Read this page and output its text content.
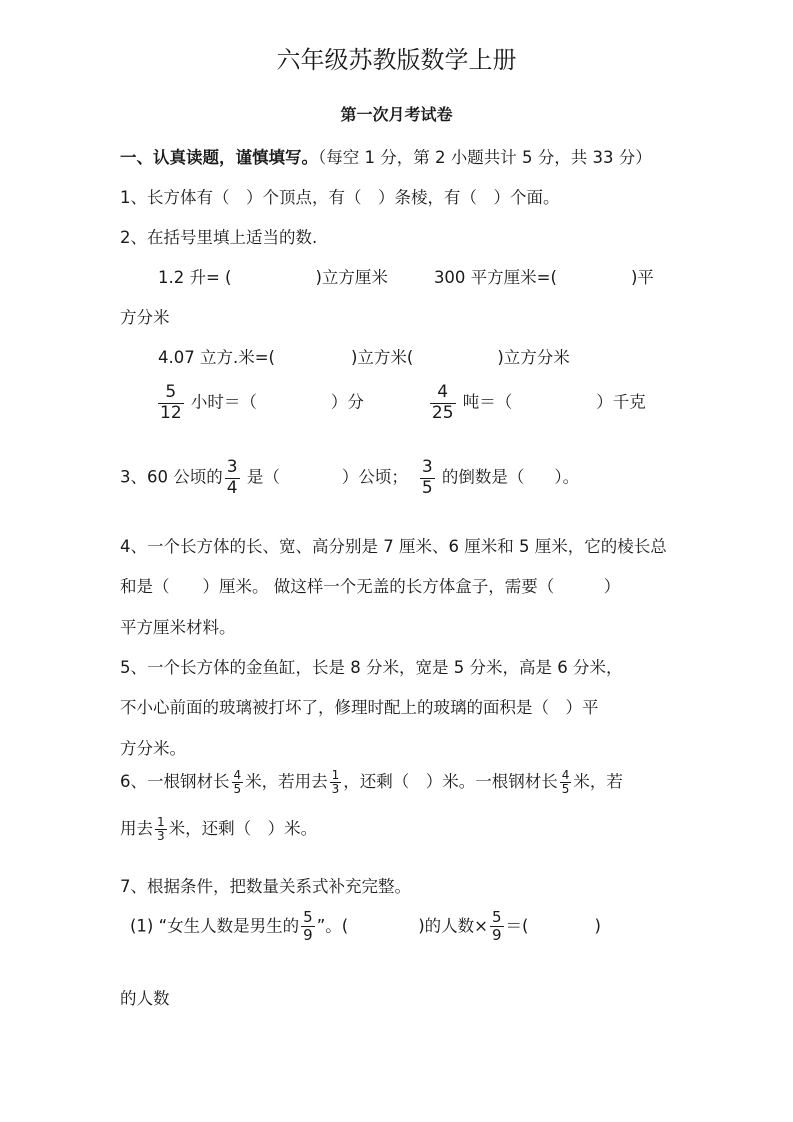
六年级苏教版数学上册
第一次月考试卷
一、认真读题，谨慎填写。（每空 1 分，第 2 小题共计 5 分，共 33 分）
1、长方体有（　）个顶点，有（　）条棱，有（　）个面。
2、在括号里填上适当的数.
1.2 升= (	)立方厘米	300 平方厘米=(	)平
方分米
4.07 立方.米=(	)立方米(	)立方分米
$\frac{5}{12}$ 小时＝（	）分	$\frac{4}{25}$ 吨＝（	）千克
3、60 公顷的 $\frac{3}{4}$ 是（	）公顷； $\frac{3}{5}$ 的倒数是（ ）。
4、一个长方体的长、宽、高分别是 7 厘米、6 厘米和 5 厘米，它的棱长总
和是（　　）厘米。 做这样一个无盖的长方体盒子，需要（　　　）
平方厘米材料。
5、一个长方体的金鱼缸，长是 8 分米，宽是 5 分米，高是 6 分米，
不小心前面的玻璃被打坏了，修理时配上的玻璃的面积是（　）平
方分米。
6、一根钢材长 $\frac{4}{5}$ 米，若用去 $\frac{1}{3}$ ，还剩（　）米。一根钢材长 $\frac{4}{5}$ 米，若
用去 $\frac{1}{3}$ 米，还剩（　）米。
7、根据条件，把数量关系式补充完整。
(1) “女生人数是男生的 $\frac{5}{9}$ ”。(	)的人数× $\frac{5}{9}$ ＝(	)
的人数
